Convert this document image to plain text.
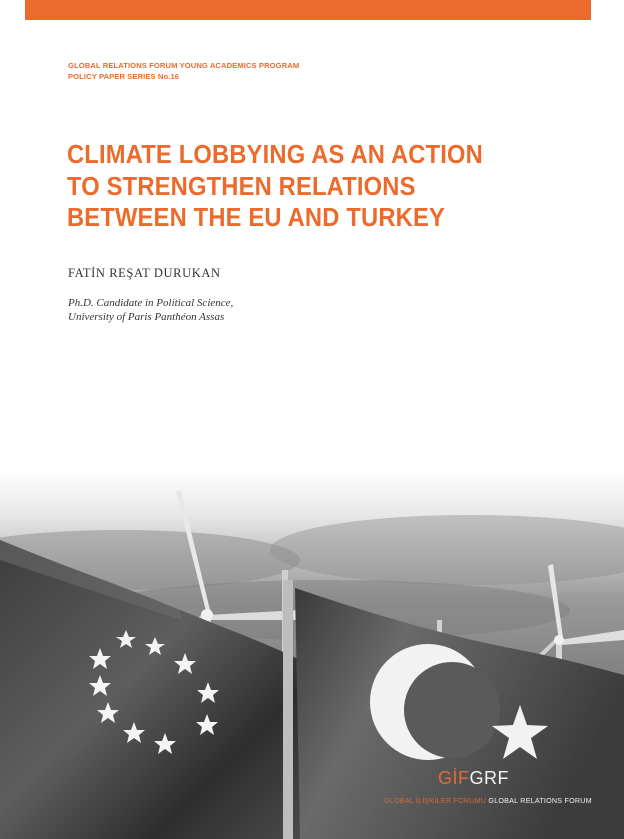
GLOBAL RELATIONS FORUM YOUNG ACADEMICS PROGRAM
POLICY PAPER SERIES No.16
CLIMATE LOBBYING AS AN ACTION
TO STRENGTHEN RELATIONS
BETWEEN THE EU AND TURKEY
FATİN REŞAT DURUKAN
Ph.D. Candidate in Political Science,
University of Paris Panthéon Assas
GİFGRF
GLOBAL İLİŞKİLER FORUMU GLOBAL RELATIONS FORUM
